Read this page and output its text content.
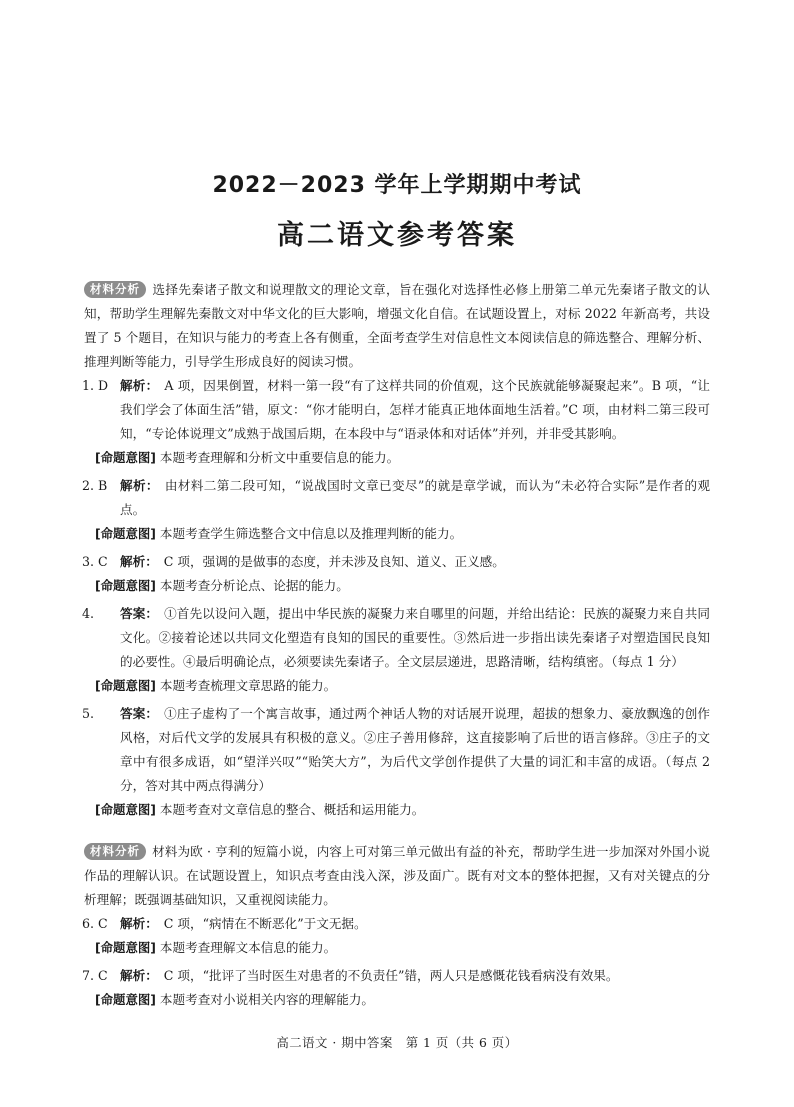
2022－2023 学年上学期期中考试
高二语文参考答案

材料分析 选择先秦诸子散文和说理散文的理论文章，旨在强化对选择性必修上册第二单元先秦诸子散文的认知，帮助学生理解先秦散文对中华文化的巨大影响，增强文化自信。在试题设置上，对标 2022 年新高考，共设置了 5 个题目，在知识与能力的考查上各有侧重，全面考查学生对信息性文本阅读信息的筛选整合、理解分析、推理判断等能力，引导学生形成良好的阅读习惯。

1. D 解析： A 项，因果倒置，材料一第一段“有了这样共同的价值观，这个民族就能够凝聚起来”。B 项，“让我们学会了体面生活”错，原文：“你才能明白，怎样才能真正地体面地生活着。”C 项，由材料二第三段可知，“专论体说理文”成熟于战国后期，在本段中与“语录体和对话体”并列，并非受其影响。

[命题意图] 本题考查理解和分析文中重要信息的能力。

2. B	解析： 由材料二第二段可知，“说战国时文章已变尽”的就是章学诚，而认为“未必符合实际”是作者的观点。

[命题意图] 本题考查学生筛选整合文中信息以及推理判断的能力。

3. C 解析： C 项，强调的是做事的态度，并未涉及良知、道义、正义感。

[命题意图] 本题考查分析论点、论据的能力。

4.	答案： ①首先以设问入题，提出中华民族的凝聚力来自哪里的问题，并给出结论：民族的凝聚力来自共同文化。②接着论述以共同文化塑造有良知的国民的重要性。③然后进一步指出读先秦诸子对塑造国民良知的必要性。④最后明确论点，必须要读先秦诸子。全文层层递进，思路清晰，结构缜密。（每点 1 分）

[命题意图] 本题考查梳理文章思路的能力。

5.	答案： ①庄子虚构了一个寓言故事，通过两个神话人物的对话展开说理，超拔的想象力、豪放飘逸的创作风格，对后代文学的发展具有积极的意义。②庄子善用修辞，这直接影响了后世的语言修辞。③庄子的文章中有很多成语，如“望洋兴叹”“贻笑大方”，为后代文学创作提供了大量的词汇和丰富的成语。（每点 2 分，答对其中两点得满分）

[命题意图] 本题考查对文章信息的整合、概括和运用能力。

材料分析 材料为欧 · 亨利的短篇小说，内容上可对第三单元做出有益的补充，帮助学生进一步加深对外国小说作品的理解认识。在试题设置上，知识点考查由浅入深，涉及面广。既有对文本的整体把握，又有对关键点的分析理解；既强调基础知识，又重视阅读能力。

6. C 解析： C 项，“病情在不断恶化”于文无据。

[命题意图] 本题考查理解文本信息的能力。

7. C 解析： C 项，“批评了当时医生对患者的不负责任”错，两人只是感慨花钱看病没有效果。

[命题意图] 本题考查对小说相关内容的理解能力。

高二语文 · 期中答案　第 1 页（共 6 页）
